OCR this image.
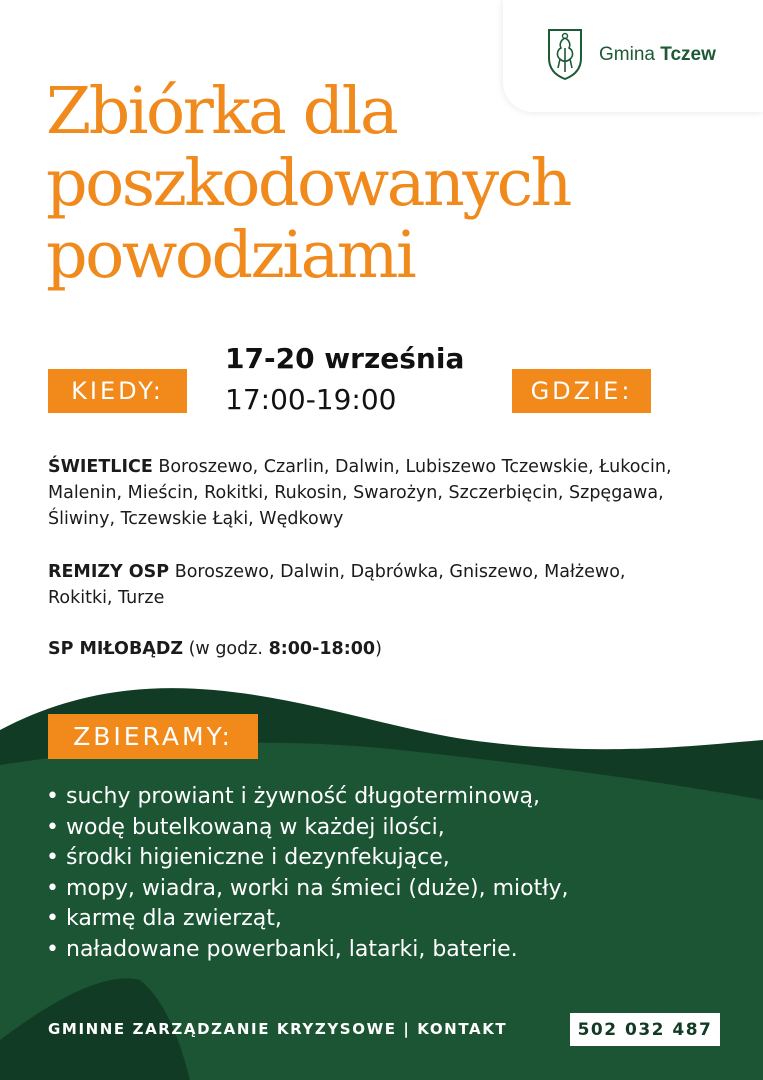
Gmina Tczew
Zbiórka dla
poszkodowanych
powodziami
KIEDY:
17-20 września
17:00-19:00	GDZIE:
ŚWIETLICE Boroszewo, Czarlin, Dalwin, Lubiszewo Tczewskie, Łukocin, Malenin, Mieścin, Rokitki, Rukosin, Swarożyn, Szczerbięcin, Szpęgawa, Śliwiny, Tczewskie Łąki, Wędkowy
REMIZY OSP Boroszewo, Dalwin, Dąbrówka, Gniszewo, Małżewo, Rokitki, Turze
SP MIŁOBĄDZ (w godz. 8:00-18:00)
ZBIERAMY:
• suchy prowiant i żywność długoterminową,
• wodę butelkowaną w każdej ilości,
• środki higieniczne i dezynfekujące,
• mopy, wiadra, worki na śmieci (duże), miotły,
• karmę dla zwierząt,
• naładowane powerbanki, latarki, baterie.
GMINNE ZARZĄDZANIE KRYZYSOWE | KONTAKT	502 032 487
